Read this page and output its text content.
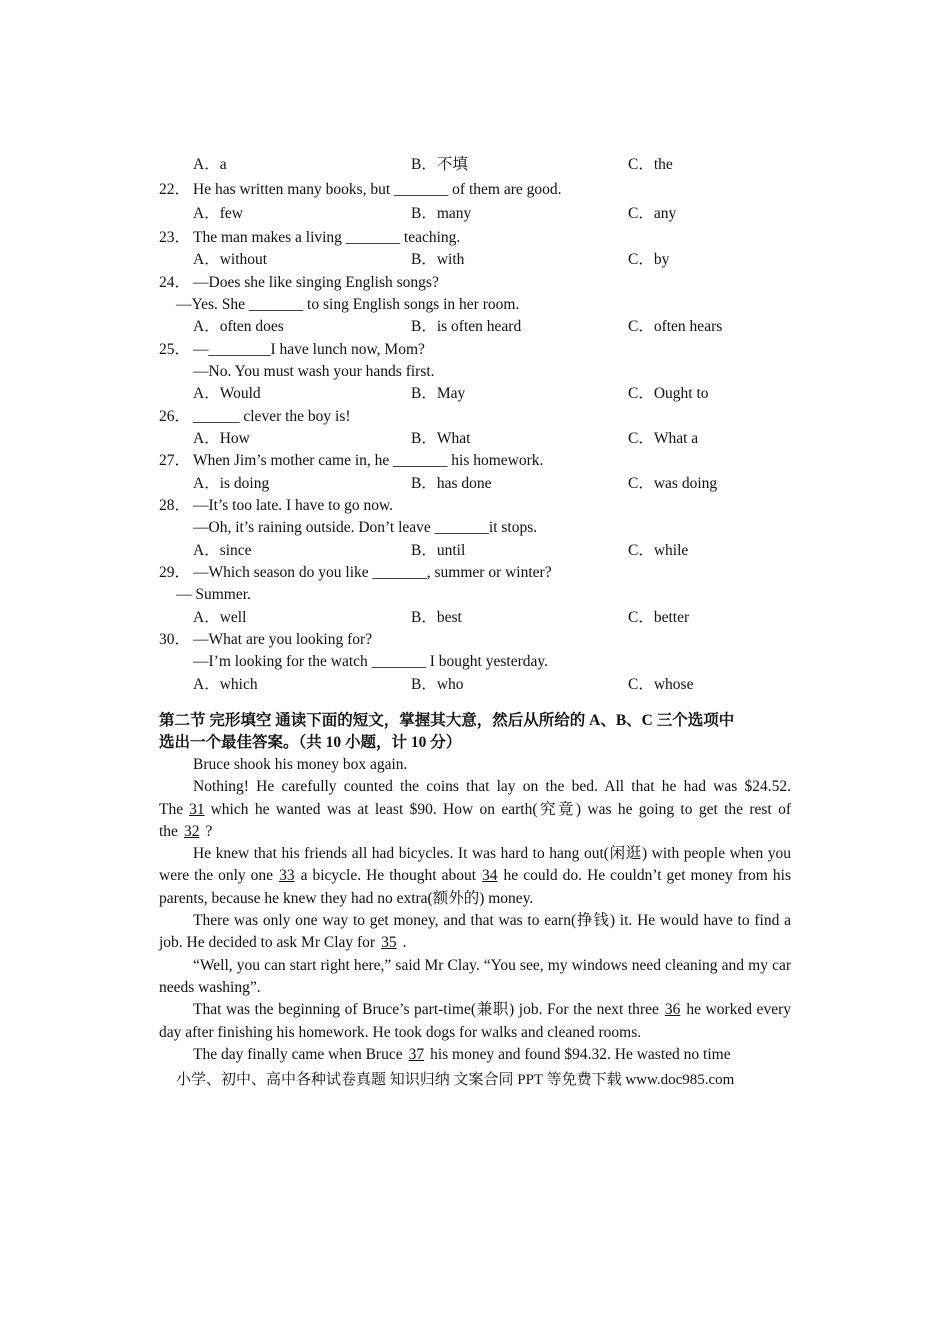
A．a	B．不填	C．the
22． He has written many books, but _______ of them are good.
A．few	B．many	C．any
23． The man makes a living _______ teaching.
A．without	B．with	C．by
24． —Does she like singing English songs?
—Yes. She _______ to sing English songs in her room.
A．often does	B．is often heard	C．often hears
25． —________I have lunch now, Mom?
—No. You must wash your hands first.
A．Would	B．May	C．Ought to
26． ______ clever the boy is!
A．How	B．What	C．What a
27． When Jim’s mother came in, he _______ his homework.
A．is doing	B．has done	C．was doing
28． —It’s too late. I have to go now.
—Oh, it’s raining outside. Don’t leave _______it stops.
A．since	B．until	C．while
29． —Which season do you like _______, summer or winter?
— Summer.
A．well	B．best	C．better
30． —What are you looking for?
—I’m looking for the watch _______ I bought yesterday.
A．which	B．who	C．whose
第二节 完形填空 通读下面的短文，掌握其大意，然后从所给的 A、B、C 三个选项中
选出一个最佳答案。（共 10 小题，计 10 分）
Bruce shook his money box again.
Nothing! He carefully counted the coins that lay on the bed. All that he had was $24.52. The 31 which he wanted was at least $90. How on earth(究竟) was he going to get the rest of the 32 ?
He knew that his friends all had bicycles. It was hard to hang out(闲逛) with people when you were the only one 33 a bicycle. He thought about 34 he could do. He couldn’t get money from his parents, because he knew they had no extra(额外的) money.
There was only one way to get money, and that was to earn(挣钱) it. He would have to find a job. He decided to ask Mr Clay for 35 .
“Well, you can start right here,” said Mr Clay. “You see, my windows need cleaning and my car needs washing”.
That was the beginning of Bruce’s part-time(兼职) job. For the next three 36 he worked every day after finishing his homework. He took dogs for walks and cleaned rooms.
The day finally came when Bruce 37 his money and found $94.32. He wasted no time
小学、初中、高中各种试卷真题 知识归纳 文案合同 PPT 等免费下载 www.doc985.com
